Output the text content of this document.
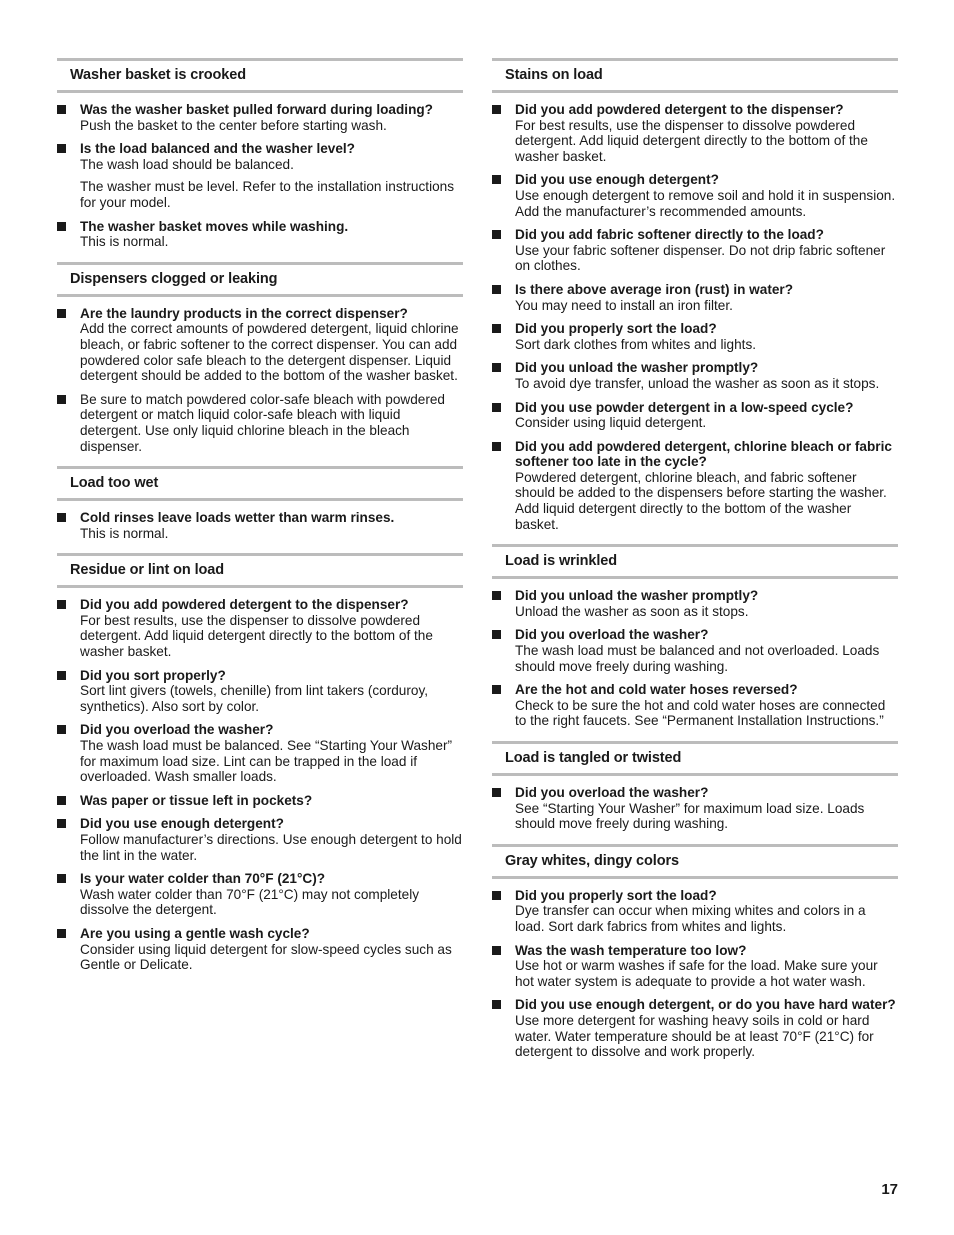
Washer basket is crooked
Was the washer basket pulled forward during loading?
Push the basket to the center before starting wash.
Is the load balanced and the washer level?
The wash load should be balanced.
The washer must be level. Refer to the installation instructions for your model.
The washer basket moves while washing.
This is normal.
Dispensers clogged or leaking
Are the laundry products in the correct dispenser?
Add the correct amounts of powdered detergent, liquid chlorine bleach, or fabric softener to the correct dispenser. You can add powdered color safe bleach to the detergent dispenser. Liquid detergent should be added to the bottom of the washer basket.
Be sure to match powdered color-safe bleach with powdered detergent or match liquid color-safe bleach with liquid detergent. Use only liquid chlorine bleach in the bleach dispenser.
Load too wet
Cold rinses leave loads wetter than warm rinses.
This is normal.
Residue or lint on load
Did you add powdered detergent to the dispenser?
For best results, use the dispenser to dissolve powdered detergent. Add liquid detergent directly to the bottom of the washer basket.
Did you sort properly?
Sort lint givers (towels, chenille) from lint takers (corduroy, synthetics). Also sort by color.
Did you overload the washer?
The wash load must be balanced. See “Starting Your Washer” for maximum load size. Lint can be trapped in the load if overloaded. Wash smaller loads.
Was paper or tissue left in pockets?
Did you use enough detergent?
Follow manufacturer’s directions. Use enough detergent to hold the lint in the water.
Is your water colder than 70°F (21°C)?
Wash water colder than 70°F (21°C) may not completely dissolve the detergent.
Are you using a gentle wash cycle?
Consider using liquid detergent for slow-speed cycles such as Gentle or Delicate.
Stains on load
Did you add powdered detergent to the dispenser?
For best results, use the dispenser to dissolve powdered detergent. Add liquid detergent directly to the bottom of the washer basket.
Did you use enough detergent?
Use enough detergent to remove soil and hold it in suspension. Add the manufacturer’s recommended amounts.
Did you add fabric softener directly to the load?
Use your fabric softener dispenser. Do not drip fabric softener on clothes.
Is there above average iron (rust) in water?
You may need to install an iron filter.
Did you properly sort the load?
Sort dark clothes from whites and lights.
Did you unload the washer promptly?
To avoid dye transfer, unload the washer as soon as it stops.
Did you use powder detergent in a low-speed cycle?
Consider using liquid detergent.
Did you add powdered detergent, chlorine bleach or fabric softener too late in the cycle?
Powdered detergent, chlorine bleach, and fabric softener should be added to the dispensers before starting the washer. Add liquid detergent directly to the bottom of the washer basket.
Load is wrinkled
Did you unload the washer promptly?
Unload the washer as soon as it stops.
Did you overload the washer?
The wash load must be balanced and not overloaded. Loads should move freely during washing.
Are the hot and cold water hoses reversed?
Check to be sure the hot and cold water hoses are connected to the right faucets. See “Permanent Installation Instructions.”
Load is tangled or twisted
Did you overload the washer?
See “Starting Your Washer” for maximum load size. Loads should move freely during washing.
Gray whites, dingy colors
Did you properly sort the load?
Dye transfer can occur when mixing whites and colors in a load. Sort dark fabrics from whites and lights.
Was the wash temperature too low?
Use hot or warm washes if safe for the load. Make sure your hot water system is adequate to provide a hot water wash.
Did you use enough detergent, or do you have hard water?
Use more detergent for washing heavy soils in cold or hard water. Water temperature should be at least 70°F (21°C) for detergent to dissolve and work properly.
17
